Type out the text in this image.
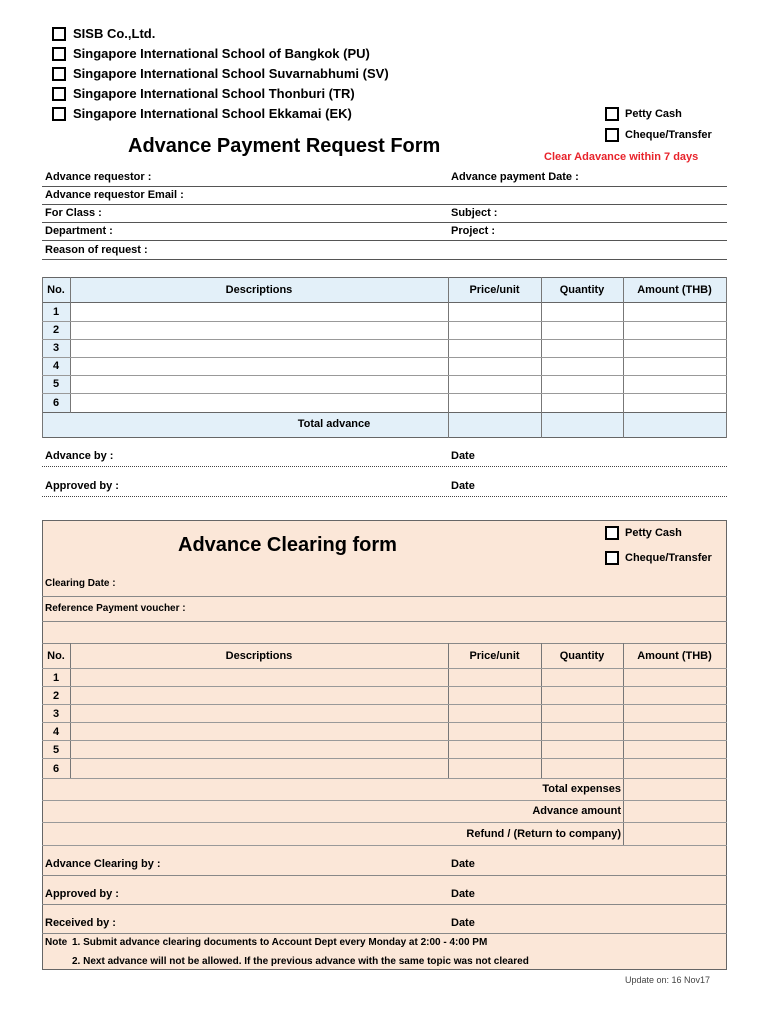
SISB Co.,Ltd.
Singapore International School of Bangkok (PU)
Singapore International School Suvarnabhumi (SV)
Singapore International School Thonburi (TR)
Singapore International School Ekkamai (EK)	Petty Cash
Cheque/Transfer
Advance Payment Request Form	Clear Adavance within 7 days
Advance requestor :	Advance payment Date :
Advance requestor Email :
For Class :	Subject :
Department :	Project :
Reason of request :
No.	Descriptions	Price/unit	Quantity	Amount (THB)
1
2
3
4
5
6
Total advance
Advance by :	Date
Approved by :	Date
Petty Cash
Cheque/Transfer
Advance Clearing form
Clearing Date :
Reference Payment voucher :
No.	Descriptions	Price/unit	Quantity	Amount (THB)
1
2
3
4
5
6
Total expenses
Advance amount
Refund / (Return to company)
Advance Clearing by :	Date
Approved by :	Date
Received by :	Date
Note 1. Submit advance clearing documents to Account Dept every Monday at 2:00 - 4:00 PM
2. Next advance will not be allowed. If the previous advance with the same topic was not cleared
Update on: 16 Nov17
